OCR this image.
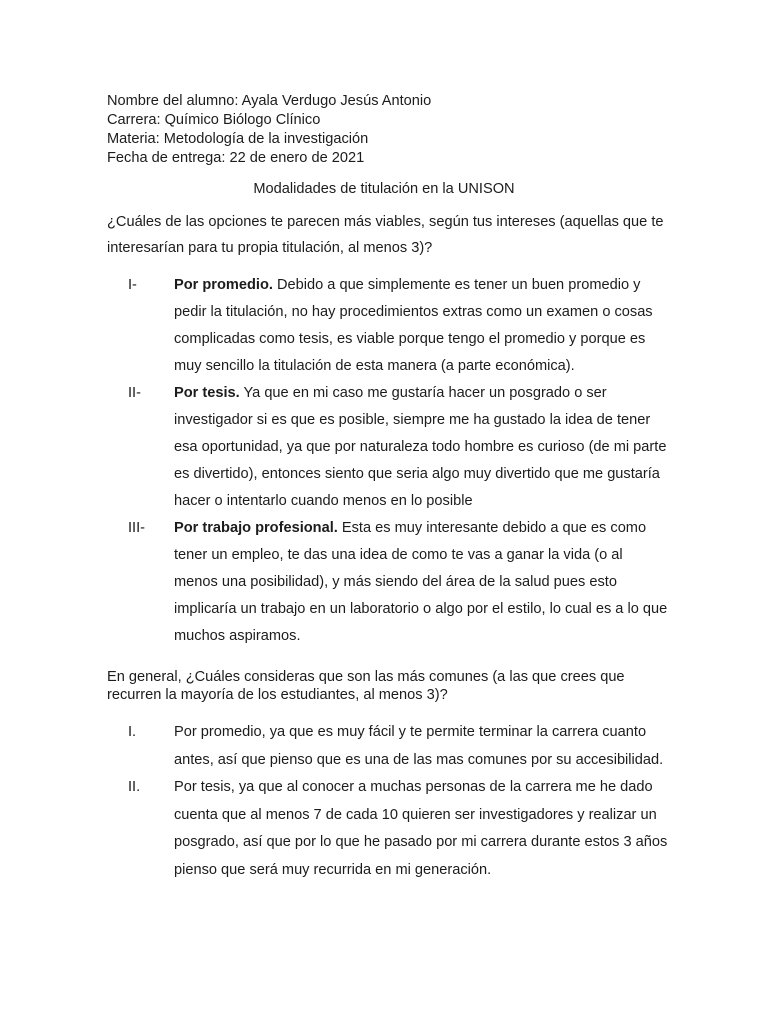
Nombre del alumno: Ayala Verdugo Jesús Antonio
Carrera: Químico Biólogo Clínico
Materia: Metodología de la investigación
Fecha de entrega: 22 de enero de 2021
Modalidades de titulación en la UNISON
¿Cuáles de las opciones te parecen más viables, según tus intereses (aquellas que te interesarían para tu propia titulación, al menos 3)?
I-	Por promedio. Debido a que simplemente es tener un buen promedio y pedir la titulación, no hay procedimientos extras como un examen o cosas complicadas como tesis, es viable porque tengo el promedio y porque es muy sencillo la titulación de esta manera (a parte económica).
II- Por tesis. Ya que en mi caso me gustaría hacer un posgrado o ser investigador si es que es posible, siempre me ha gustado la idea de tener esa oportunidad, ya que por naturaleza todo hombre es curioso (de mi parte es divertido), entonces siento que seria algo muy divertido que me gustaría hacer o intentarlo cuando menos en lo posible
III- Por trabajo profesional. Esta es muy interesante debido a que es como tener un empleo, te das una idea de como te vas a ganar la vida (o al menos una posibilidad), y más siendo del área de la salud pues esto implicaría un trabajo en un laboratorio o algo por el estilo, lo cual es a lo que muchos aspiramos.
En general, ¿Cuáles consideras que son las más comunes (a las que crees que recurren la mayoría de los estudiantes, al menos 3)?
I.	Por promedio, ya que es muy fácil y te permite terminar la carrera cuanto antes, así que pienso que es una de las mas comunes por su accesibilidad.
II. Por tesis, ya que al conocer a muchas personas de la carrera me he dado cuenta que al menos 7 de cada 10 quieren ser investigadores y realizar un posgrado, así que por lo que he pasado por mi carrera durante estos 3 años pienso que será muy recurrida en mi generación.
